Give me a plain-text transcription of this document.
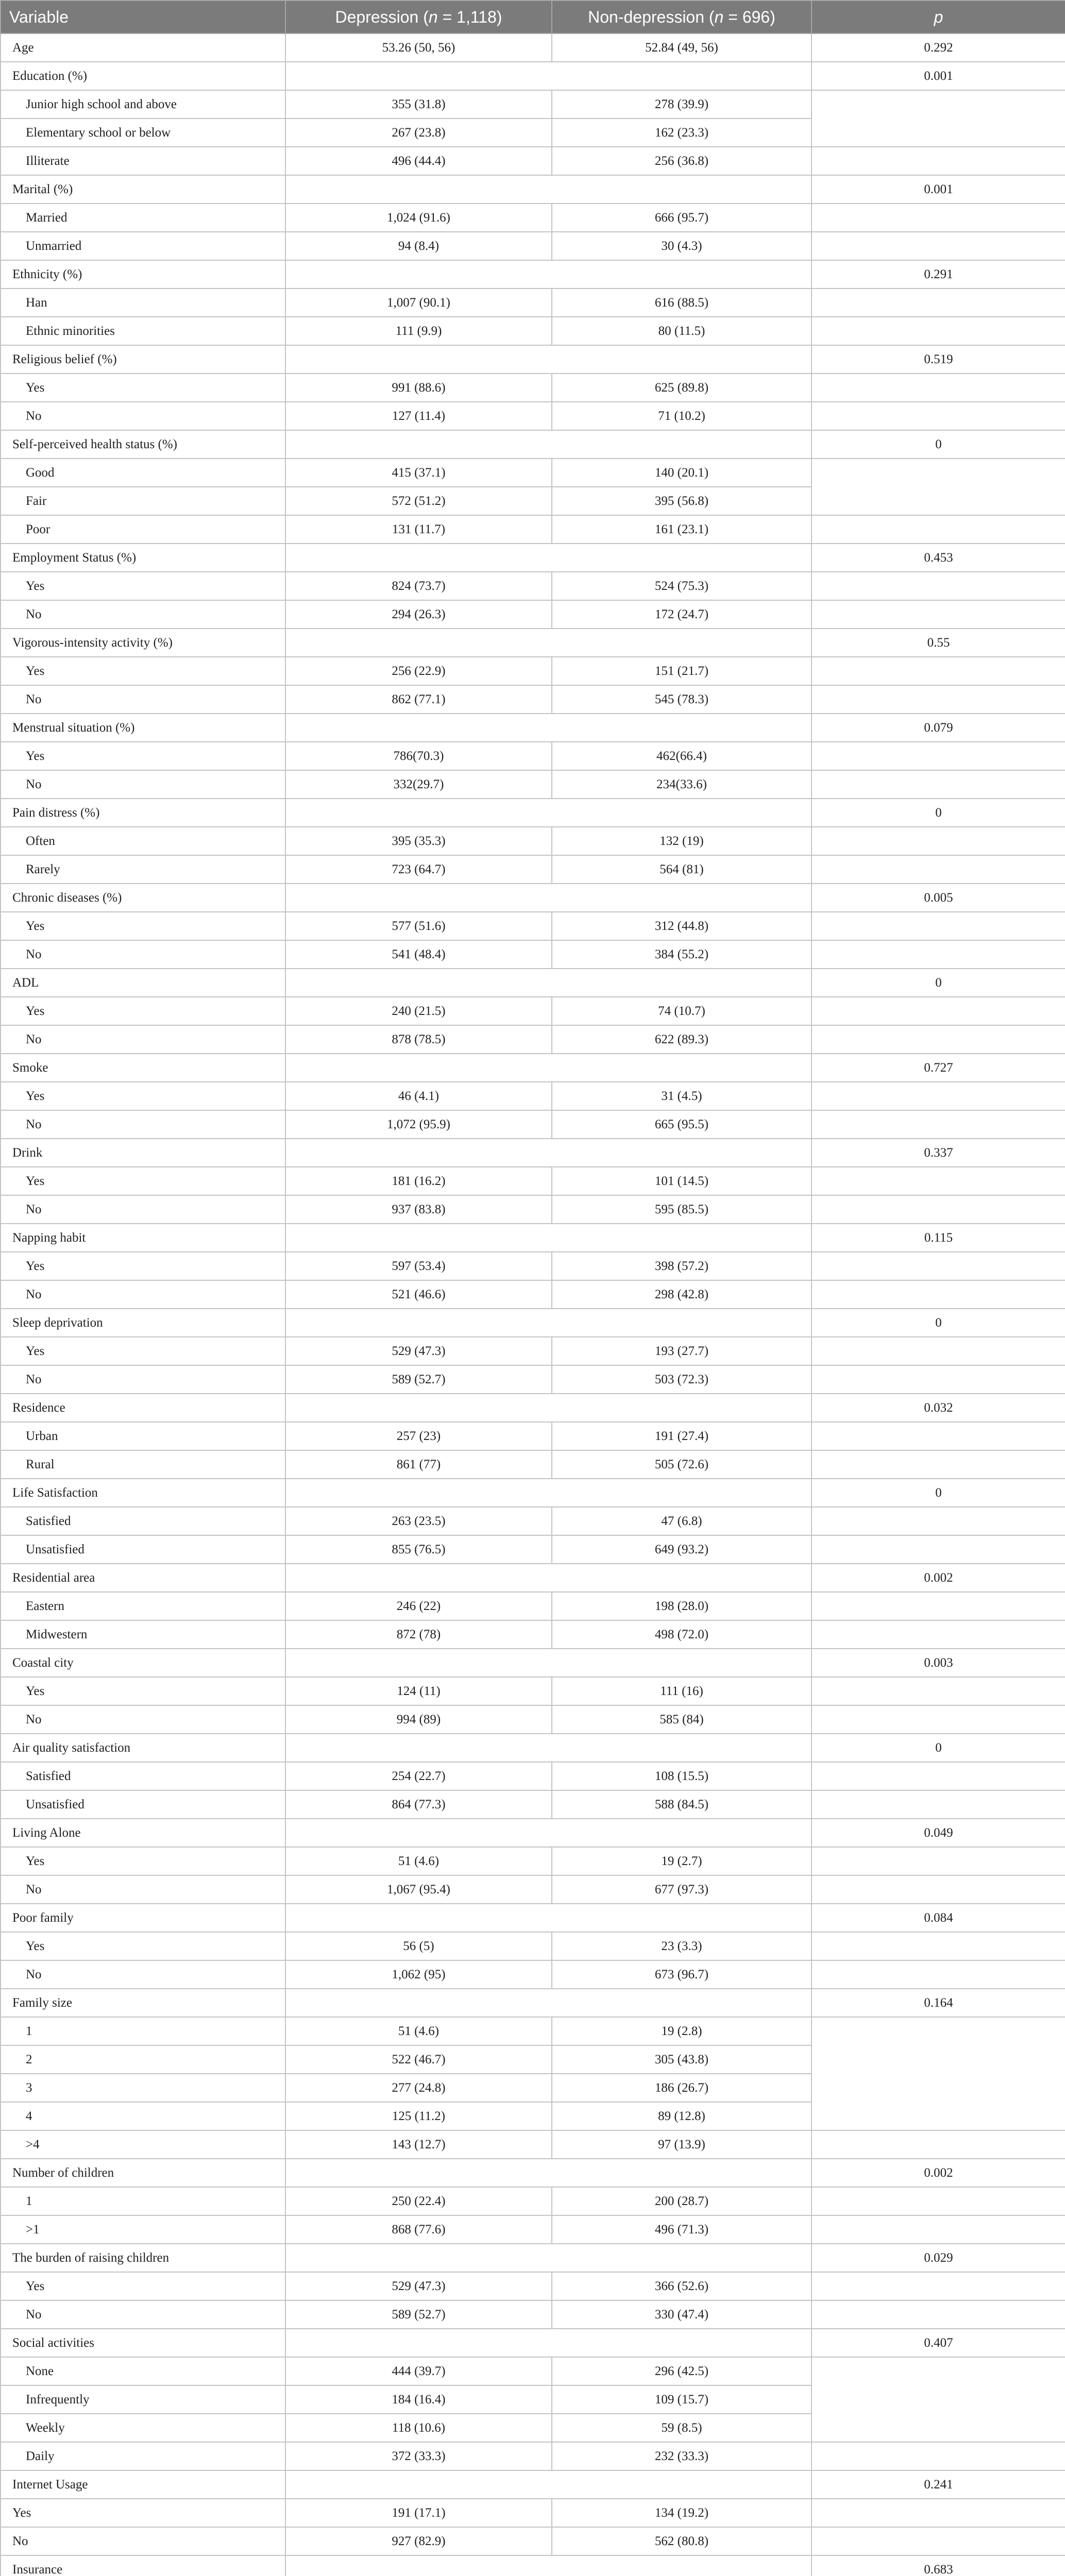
Variable	Depression (n = 1,118)	Non-depression (n = 696)	p
Age	53.26 (50, 56)	52.84 (49, 56)	0.292
Education (%)			0.001
Junior high school and above	355 (31.8)	278 (39.9)	
Elementary school or below	267 (23.8)	162 (23.3)	
Illiterate	496 (44.4)	256 (36.8)	
Marital (%)			0.001
Married	1,024 (91.6)	666 (95.7)	
Unmarried	94 (8.4)	30 (4.3)	
Ethnicity (%)			0.291
Han	1,007 (90.1)	616 (88.5)	
Ethnic minorities	111 (9.9)	80 (11.5)	
Religious belief (%)			0.519
Yes	991 (88.6)	625 (89.8)	
No	127 (11.4)	71 (10.2)	
Self-perceived health status (%)			0
Good	415 (37.1)	140 (20.1)	
Fair	572 (51.2)	395 (56.8)	
Poor	131 (11.7)	161 (23.1)	
Employment Status (%)			0.453
Yes	824 (73.7)	524 (75.3)	
No	294 (26.3)	172 (24.7)	
Vigorous-intensity activity (%)			0.55
Yes	256 (22.9)	151 (21.7)	
No	862 (77.1)	545 (78.3)	
Menstrual situation (%)			0.079
Yes	786(70.3)	462(66.4)	
No	332(29.7)	234(33.6)	
Pain distress (%)			0
Often	395 (35.3)	132 (19)	
Rarely	723 (64.7)	564 (81)	
Chronic diseases (%)			0.005
Yes	577 (51.6)	312 (44.8)	
No	541 (48.4)	384 (55.2)	
ADL			0
Yes	240 (21.5)	74 (10.7)	
No	878 (78.5)	622 (89.3)	
Smoke			0.727
Yes	46 (4.1)	31 (4.5)	
No	1,072 (95.9)	665 (95.5)	
Drink			0.337
Yes	181 (16.2)	101 (14.5)	
No	937 (83.8)	595 (85.5)	
Napping habit			0.115
Yes	597 (53.4)	398 (57.2)	
No	521 (46.6)	298 (42.8)	
Sleep deprivation			0
Yes	529 (47.3)	193 (27.7)	
No	589 (52.7)	503 (72.3)	
Residence			0.032
Urban	257 (23)	191 (27.4)	
Rural	861 (77)	505 (72.6)	
Life Satisfaction			0
Satisfied	263 (23.5)	47 (6.8)	
Unsatisfied	855 (76.5)	649 (93.2)	
Residential area			0.002
Eastern	246 (22)	198 (28.0)	
Midwestern	872 (78)	498 (72.0)	
Coastal city			0.003
Yes	124 (11)	111 (16)	
No	994 (89)	585 (84)	
Air quality satisfaction			0
Satisfied	254 (22.7)	108 (15.5)	
Unsatisfied	864 (77.3)	588 (84.5)	
Living Alone			0.049
Yes	51 (4.6)	19 (2.7)	
No	1,067 (95.4)	677 (97.3)	
Poor family			0.084
Yes	56 (5)	23 (3.3)	
No	1,062 (95)	673 (96.7)	
Family size			0.164
1	51 (4.6)	19 (2.8)	
2	522 (46.7)	305 (43.8)	
3	277 (24.8)	186 (26.7)	
4	125 (11.2)	89 (12.8)	
>4	143 (12.7)	97 (13.9)	
Number of children			0.002
1	250 (22.4)	200 (28.7)	
>1	868 (77.6)	496 (71.3)	
The burden of raising children			0.029
Yes	529 (47.3)	366 (52.6)	
No	589 (52.7)	330 (47.4)	
Social activities			0.407
None	444 (39.7)	296 (42.5)	
Infrequently	184 (16.4)	109 (15.7)	
Weekly	118 (10.6)	59 (8.5)	
Daily	372 (33.3)	232 (33.3)	
Internet Usage			0.241
Yes	191 (17.1)	134 (19.2)	
No	927 (82.9)	562 (80.8)	
Insurance			0.683
